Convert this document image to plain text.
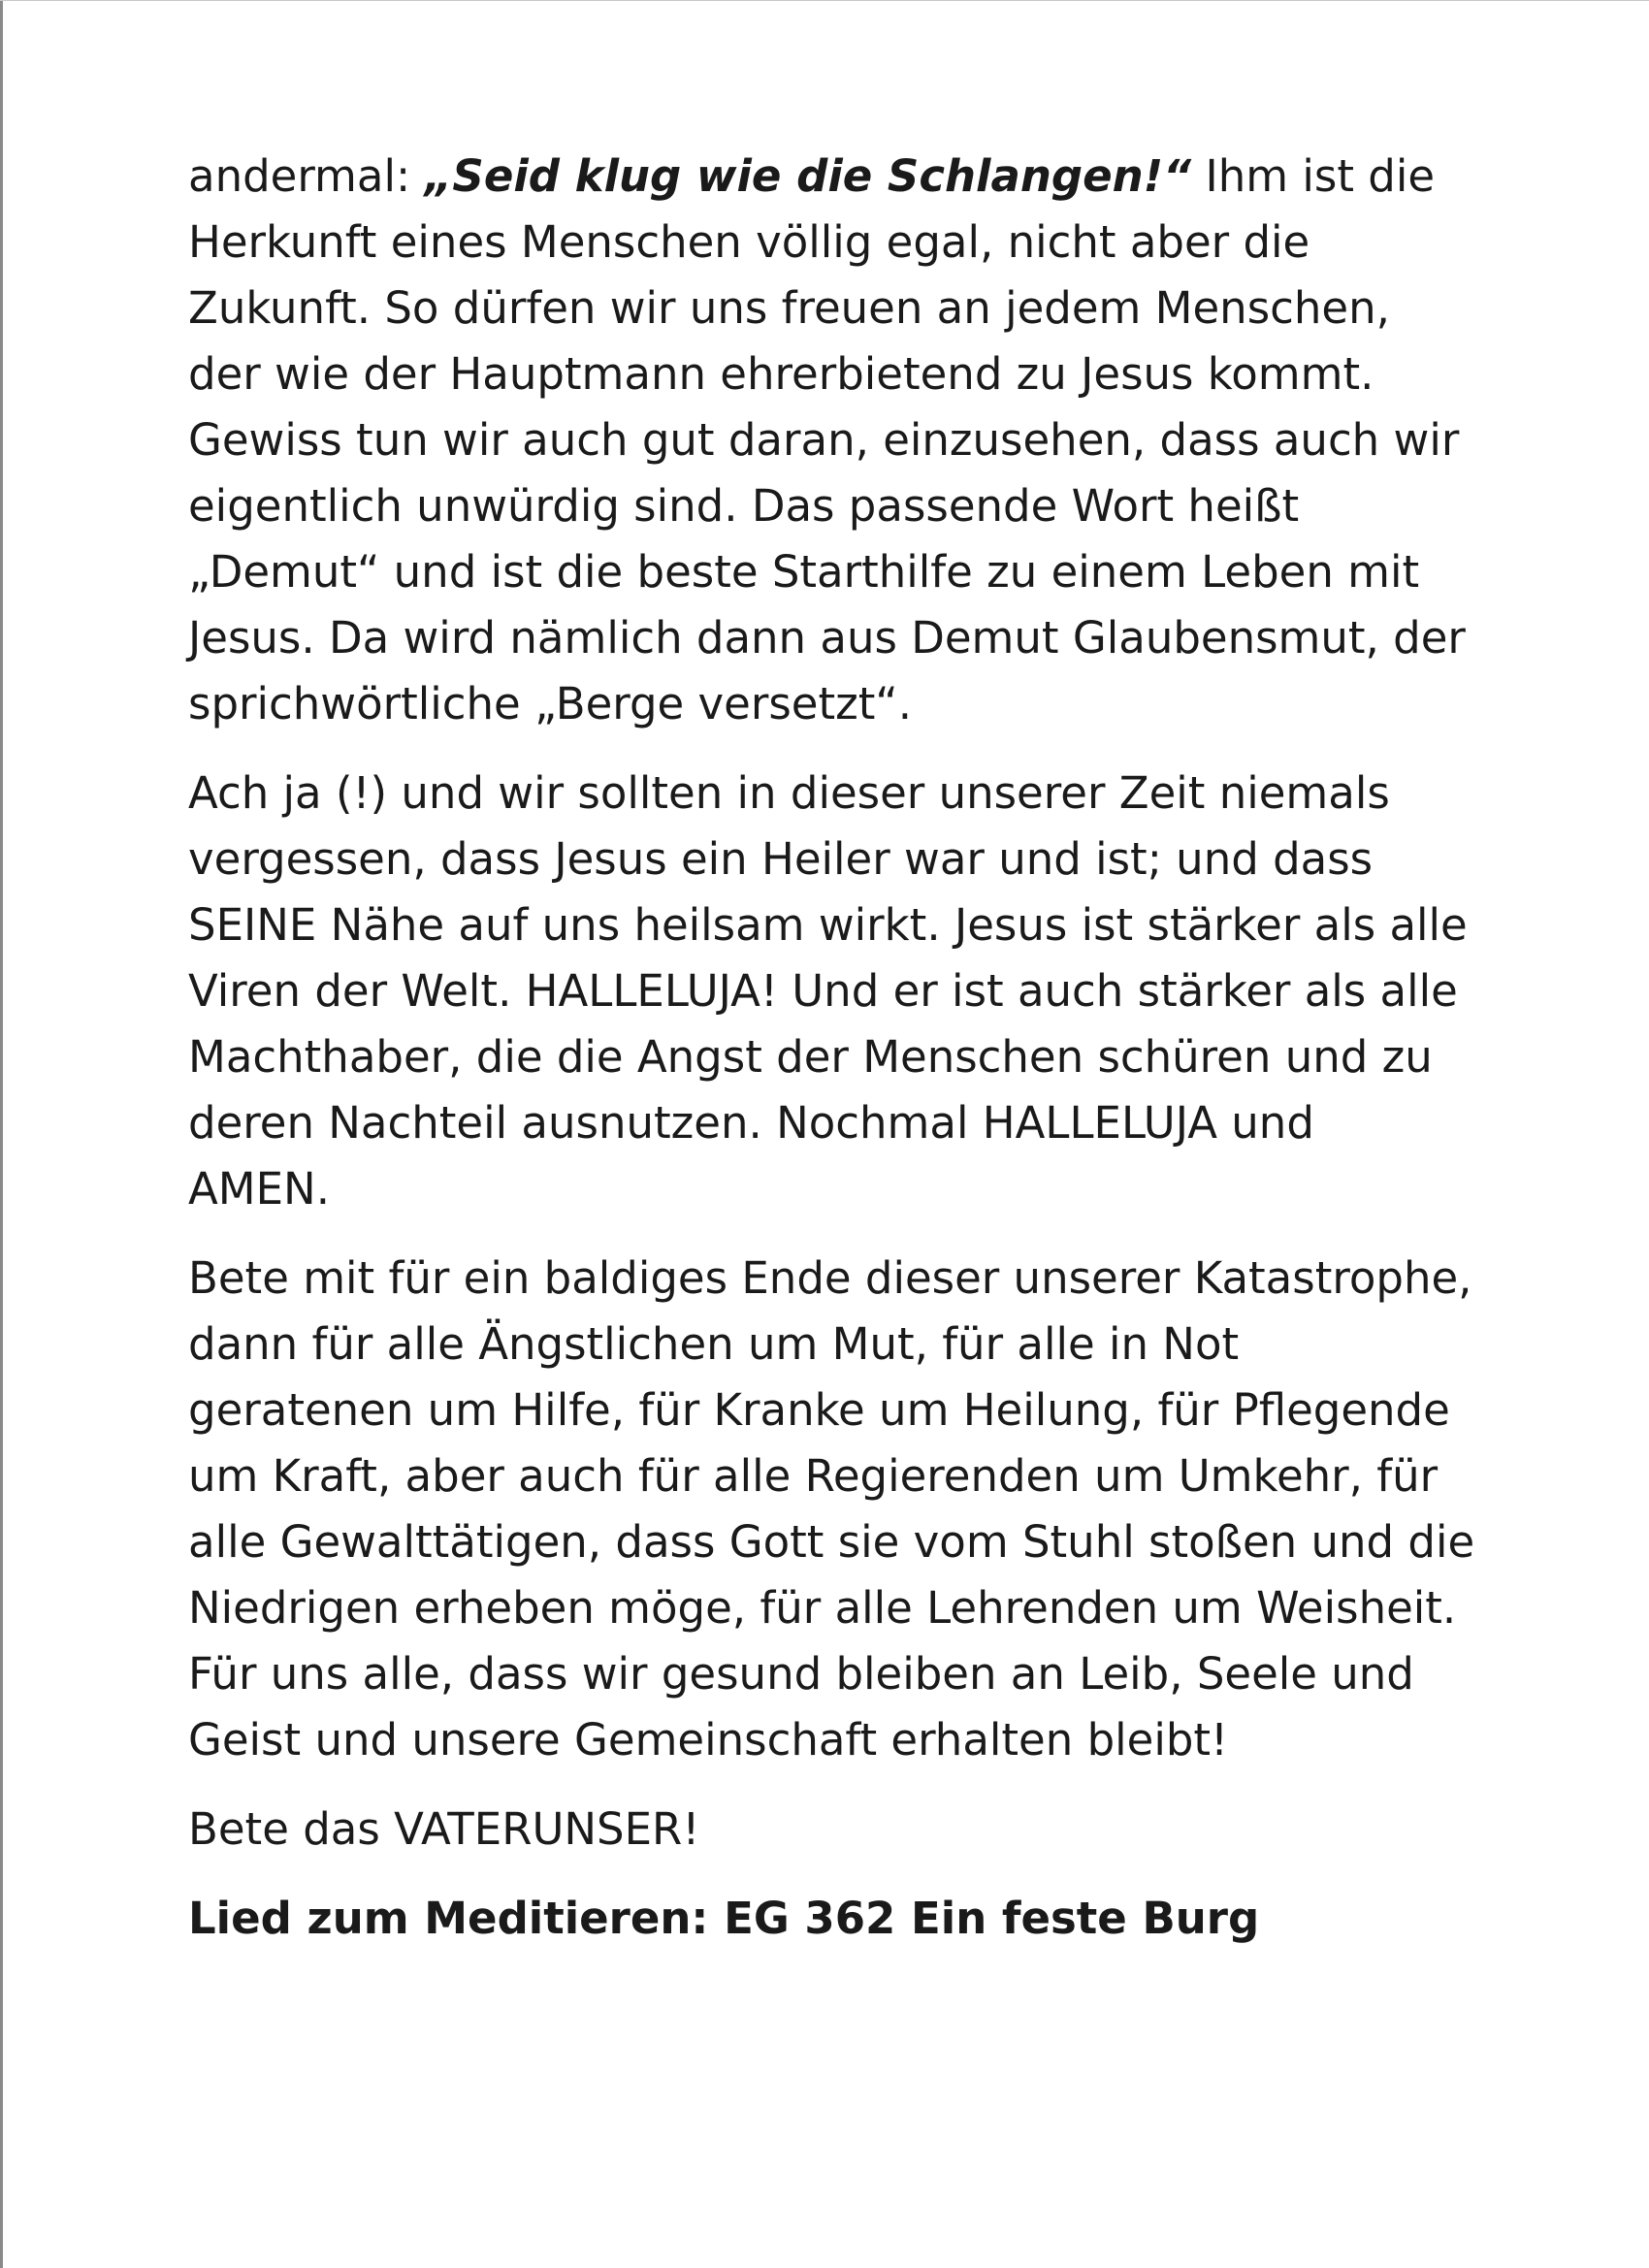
andermal: „Seid klug wie die Schlangen!“ Ihm ist die
Herkunft eines Menschen völlig egal, nicht aber die
Zukunft. So dürfen wir uns freuen an jedem Menschen,
der wie der Hauptmann ehrerbietend zu Jesus kommt.
Gewiss tun wir auch gut daran, einzusehen, dass auch wir
eigentlich unwürdig sind. Das passende Wort heißt
„Demut“ und ist die beste Starthilfe zu einem Leben mit
Jesus. Da wird nämlich dann aus Demut Glaubensmut, der
sprichwörtliche „Berge versetzt“.

Ach ja (!) und wir sollten in dieser unserer Zeit niemals
vergessen, dass Jesus ein Heiler war und ist; und dass
SEINE Nähe auf uns heilsam wirkt. Jesus ist stärker als alle
Viren der Welt. HALLELUJA! Und er ist auch stärker als alle
Machthaber, die die Angst der Menschen schüren und zu
deren Nachteil ausnutzen. Nochmal HALLELUJA und
AMEN.

Bete mit für ein baldiges Ende dieser unserer Katastrophe,
dann für alle Ängstlichen um Mut, für alle in Not
geratenen um Hilfe, für Kranke um Heilung, für Pflegende
um Kraft, aber auch für alle Regierenden um Umkehr, für
alle Gewalttätigen, dass Gott sie vom Stuhl stoßen und die
Niedrigen erheben möge, für alle Lehrenden um Weisheit.
Für uns alle, dass wir gesund bleiben an Leib, Seele und
Geist und unsere Gemeinschaft erhalten bleibt!

Bete das VATERUNSER!

Lied zum Meditieren: EG 362 Ein feste Burg
